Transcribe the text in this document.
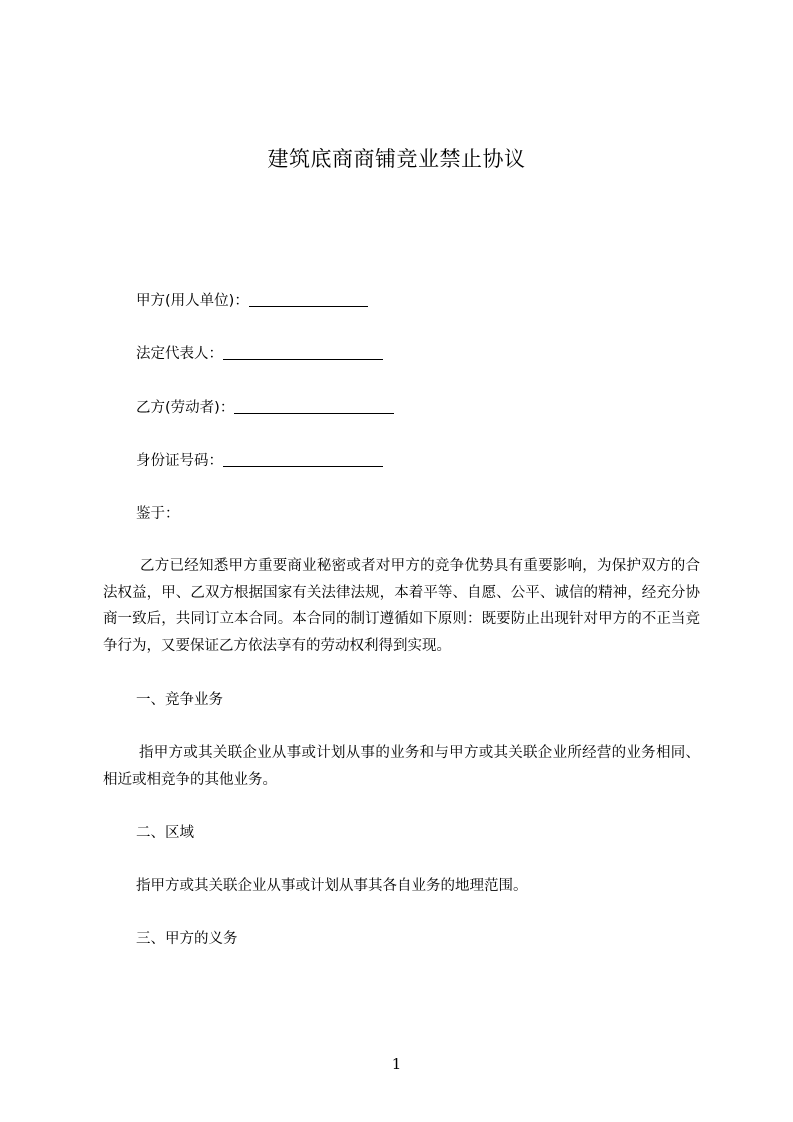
建筑底商商铺竞业禁止协议
甲方(用人单位)：
法定代表人：
乙方(劳动者)：
身份证号码：
鉴于：
乙方已经知悉甲方重要商业秘密或者对甲方的竞争优势具有重要影响，为保护双方的合法权益，甲、乙双方根据国家有关法律法规，本着平等、自愿、公平、诚信的精神，经充分协商一致后，共同订立本合同。本合同的制订遵循如下原则：既要防止出现针对甲方的不正当竞争行为，又要保证乙方依法享有的劳动权利得到实现。
一、竞争业务
指甲方或其关联企业从事或计划从事的业务和与甲方或其关联企业所经营的业务相同、相近或相竞争的其他业务。
二、区域
指甲方或其关联企业从事或计划从事其各自业务的地理范围。
三、甲方的义务
1
